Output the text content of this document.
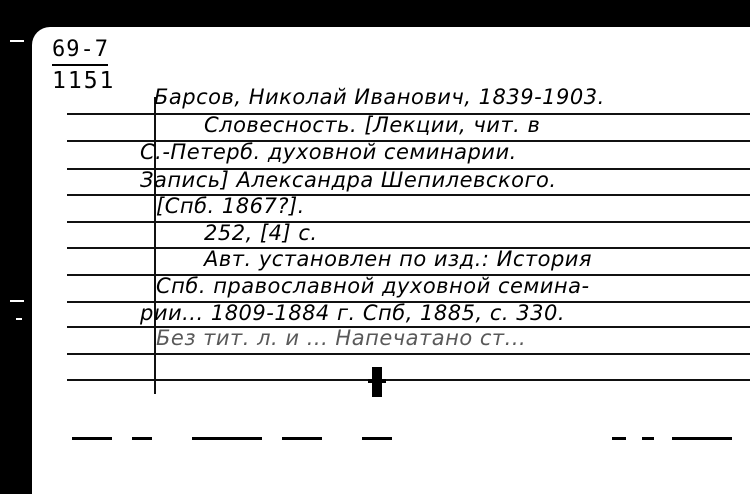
69-7
1151
Барсов, Николай Иванович, 1839-1903.
Словесность. [Лекции, чит. в
С.-Петерб. духовной семинарии.
Запись] Александра Шепилевского.
[Спб. 1867?].
252, [4] с.
Авт. установлен по изд.: История
Спб. православной духовной семина-
рии... 1809-1884 г. Спб, 1885, с. 330.
Без тит. л. и ... Напечатано ст...
